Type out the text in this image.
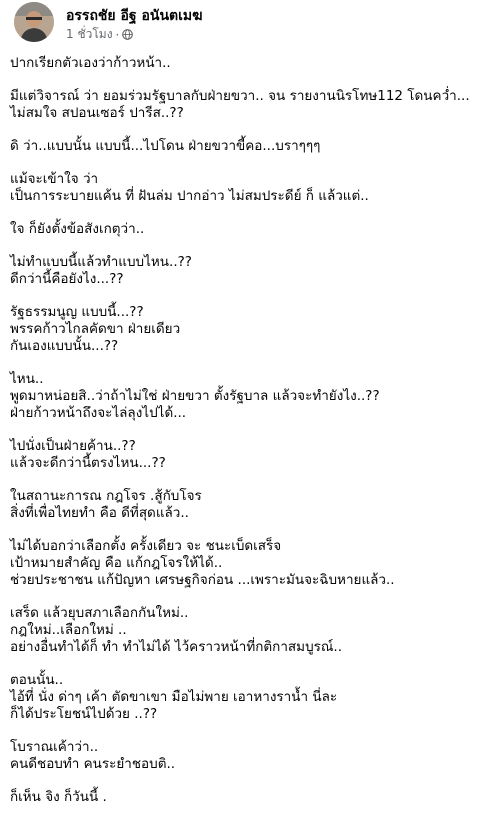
อรรถชัย อีฐ อนันตเมฆ
1 ชั่วโมง ·
ปากเรียกตัวเองว่าก้าวหน้า..
มีแต่วิจารณ์ ว่า ยอมร่วมรัฐบาลกับฝ่ายขวา.. จน รายงานนิรโทษ112 โดนคว่ำ...
ไม่สมใจ สปอนเซอร์ ปารีส..??
ดิ ว่า..แบบนั้น แบบนี้...ไปโดน ฝ่ายขวาขี้คอ...บราๆๆๆ
แม้จะเข้าใจ ว่า
เป็นการระบายแค้น ที่ ฝันล่ม ปากอ่าว ไม่สมประดีย์ ก็ แล้วแต่..
ใจ ก็ยังตั้งข้อสังเกตุว่า..
ไม่ทำแบบนี้แล้วทำแบบไหน..??
ดีกว่านี้คือยังไง...??
รัฐธรรมนูญ แบบนี้...??
พรรคก้าวไกลคัดขา ฝ่ายเดียว
กันเองแบบนั้น...??
ไหน..
พูดมาหน่อยสิ..ว่าถ้าไม่ใช่ ฝ่ายขวา ตั้งรัฐบาล แล้วจะทำยังไง..??
ฝ่ายก้าวหน้าถึงจะไล่ลุงไปได้...
ไปนั่งเป็นฝ่ายค้าน..??
แล้วจะดีกว่านี้ตรงไหน...??
ในสถานะการณ กฎโจร .สู้กับโจร
สิ่งที่เพื่อไทยทำ คือ ดีที่สุดแล้ว..
ไม่ได้บอกว่าเลือกตั้ง ครั้งเดียว จะ ชนะเบ็ดเสร็จ
เป้าหมายสำคัญ คือ แก้กฎโจรให้ได้..
ช่วยประชาชน แก้ปัญหา เศรษฐกิจก่อน ...เพราะมันจะฉิบหายแล้ว..
เสร็ด แล้วยุบสภาเลือกกันใหม่..
กฎใหม่..เลือกใหม่ ..
อย่างอื่นทำได้ก็ ทำ ทำไม่ได้ ไว้คราวหน้าที่กติกาสมบูรณ์..
ตอนนั้น..
ไอ้ที่ นั่ง ด่าๆ เค้า ตัดขาเขา มือไม่พาย เอาหางราน้ำ นี่ละ
ก็ได้ประโยชน์ไปด้วย ..??
โบราณเค้าว่า..
คนดีชอบทำ คนระยำชอบติ..
ก็เห็น จิง ก็วันนี้ .
